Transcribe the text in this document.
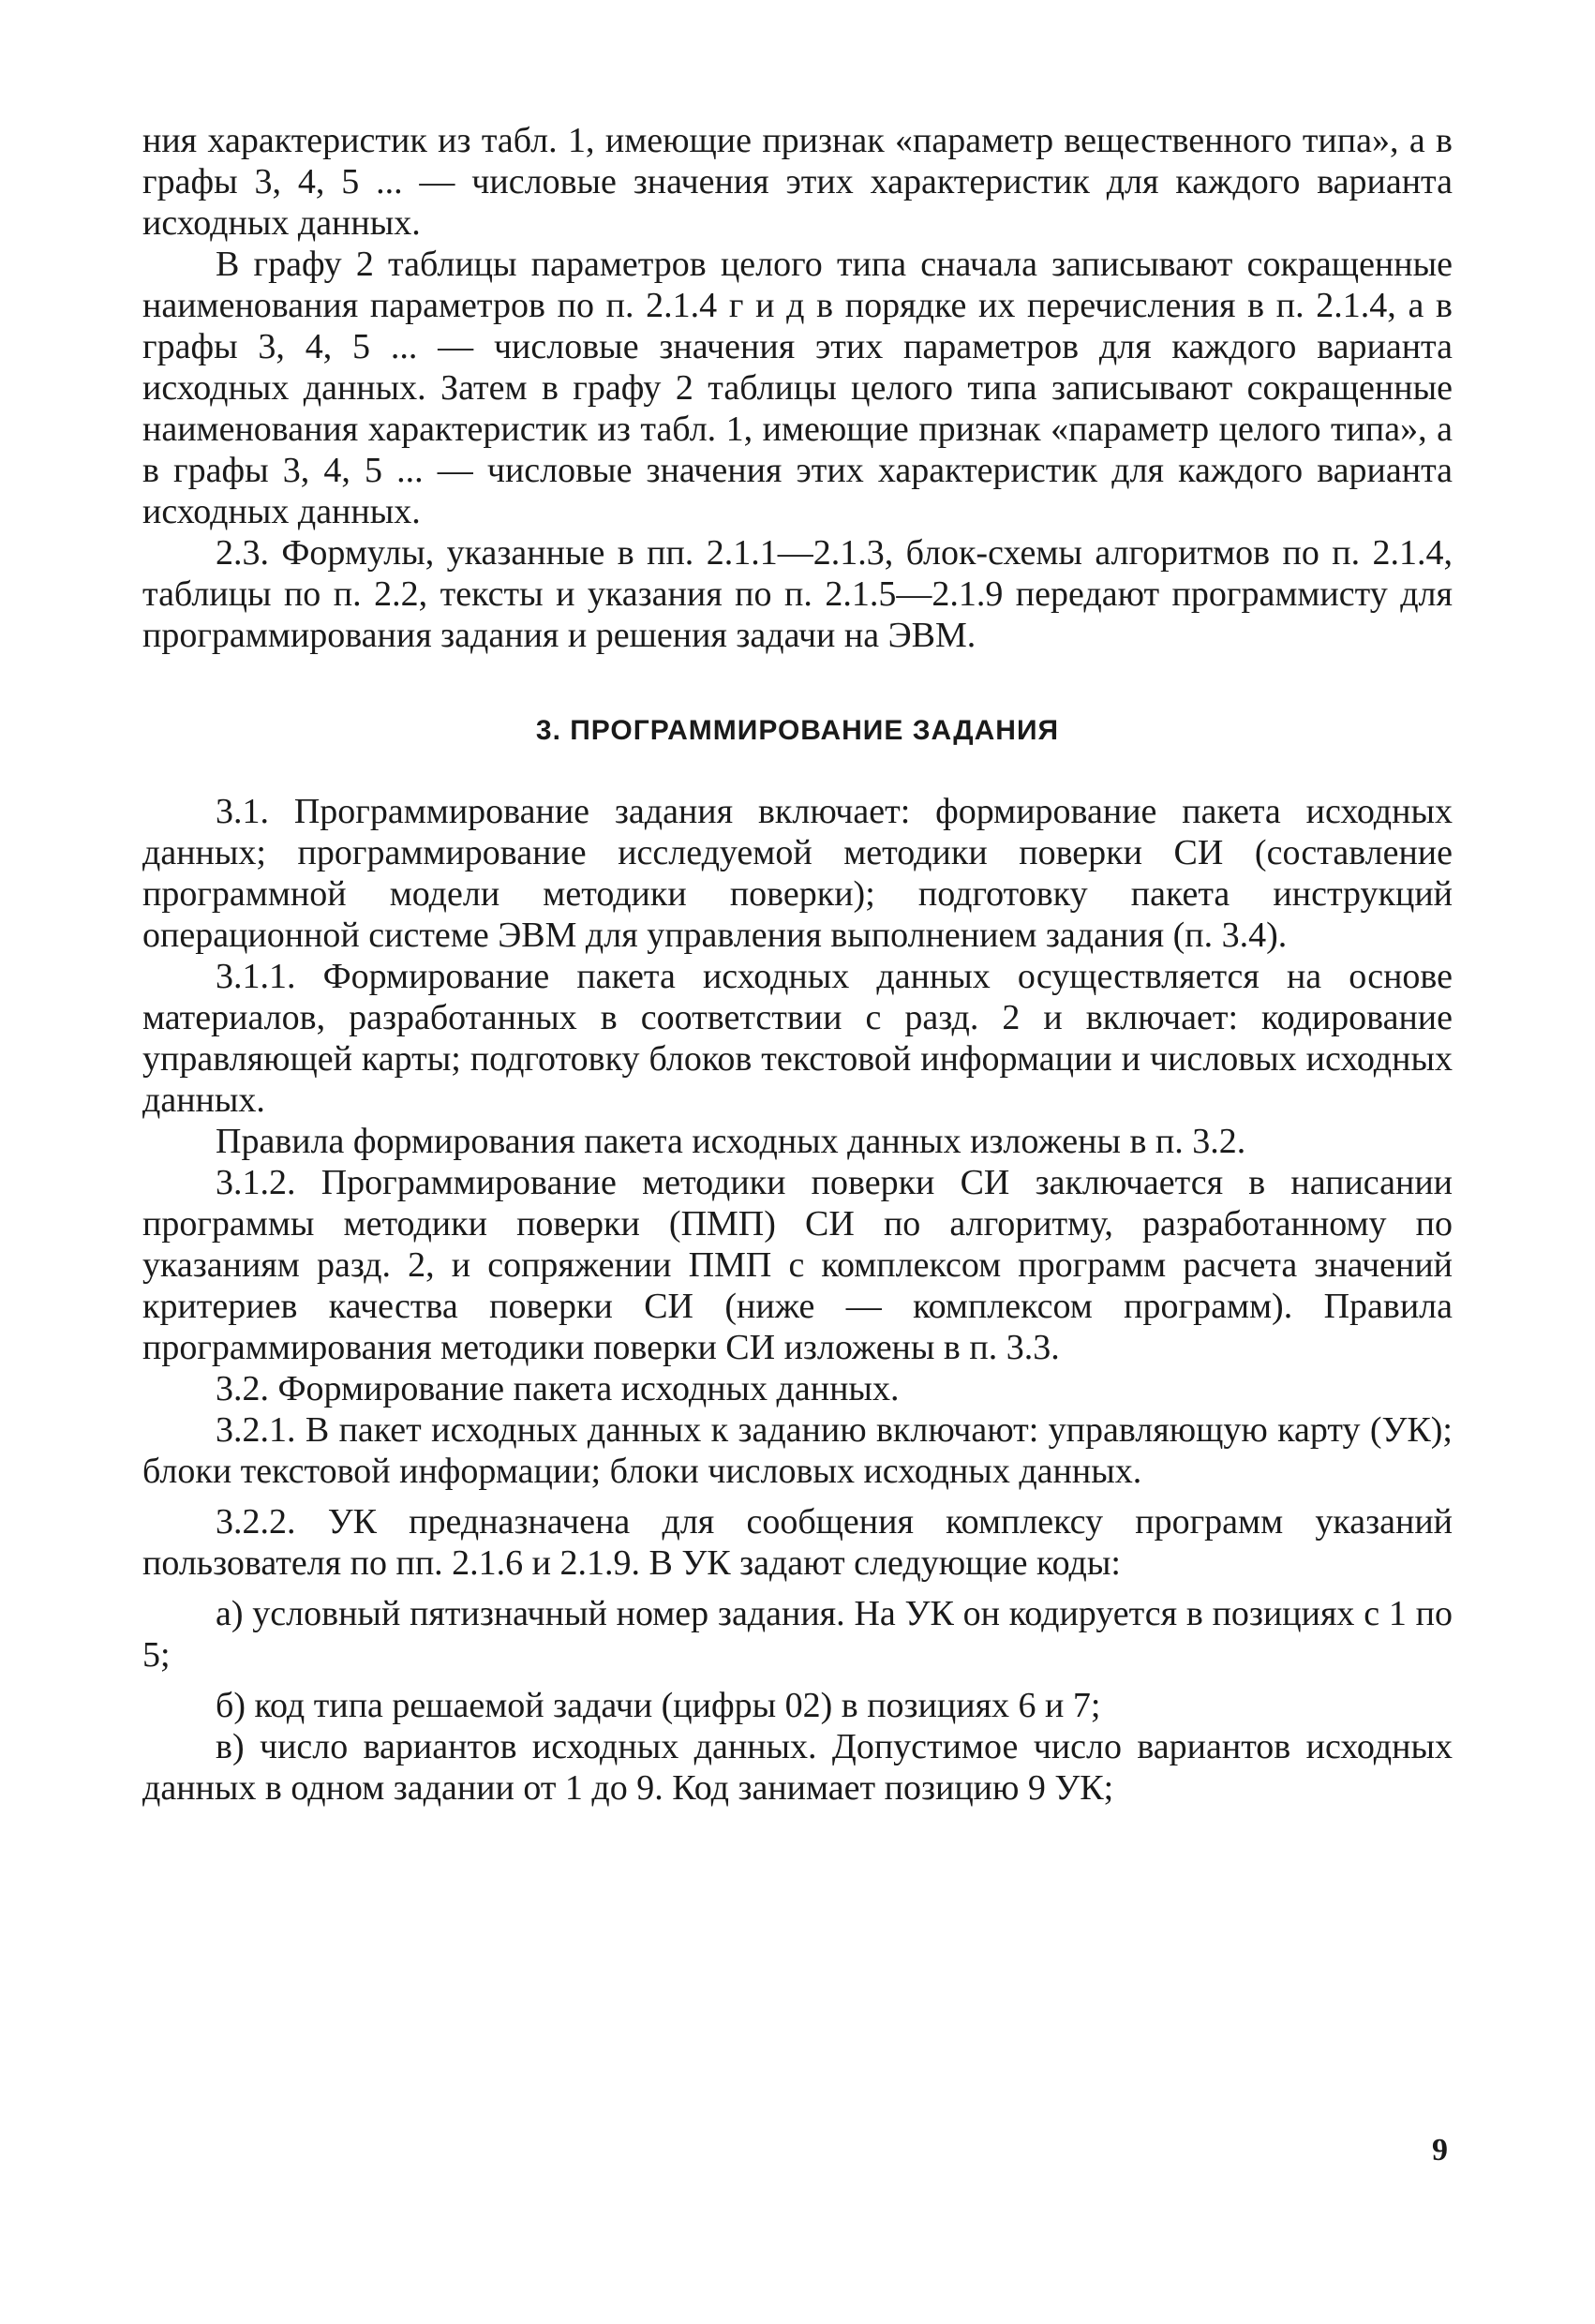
ния характеристик из табл. 1, имеющие признак «параметр вещественного типа», а в графы 3, 4, 5 ... — числовые значения этих характеристик для каждого варианта исходных данных.

В графу 2 таблицы параметров целого типа сначала записывают сокращенные наименования параметров по п. 2.1.4 г и д в порядке их перечисления в п. 2.1.4, а в графы 3, 4, 5 ... — числовые значения этих параметров для каждого варианта исходных данных. Затем в графу 2 таблицы целого типа записывают сокращенные наименования характеристик из табл. 1, имеющие признак «параметр целого типа», а в графы 3, 4, 5 ... — числовые значения этих характеристик для каждого варианта исходных данных.

2.3. Формулы, указанные в пп. 2.1.1—2.1.3, блок-схемы алгоритмов по п. 2.1.4, таблицы по п. 2.2, тексты и указания по п. 2.1.5—2.1.9 передают программисту для программирования задания и решения задачи на ЭВМ.

3. ПРОГРАММИРОВАНИЕ ЗАДАНИЯ

3.1. Программирование задания включает: формирование пакета исходных данных; программирование исследуемой методики поверки СИ (составление программной модели методики поверки); подготовку пакета инструкций операционной системе ЭВМ для управления выполнением задания (п. 3.4).

3.1.1. Формирование пакета исходных данных осуществляется на основе материалов, разработанных в соответствии с разд. 2 и включает: кодирование управляющей карты; подготовку блоков текстовой информации и числовых исходных данных.

Правила формирования пакета исходных данных изложены в п. 3.2.

3.1.2. Программирование методики поверки СИ заключается в написании программы методики поверки (ПМП) СИ по алгоритму, разработанному по указаниям разд. 2, и сопряжении ПМП с комплексом программ расчета значений критериев качества поверки СИ (ниже — комплексом программ). Правила программирования методики поверки СИ изложены в п. 3.3.

3.2. Формирование пакета исходных данных.

3.2.1. В пакет исходных данных к заданию включают: управляющую карту (УК); блоки текстовой информации; блоки числовых исходных данных.

3.2.2. УК предназначена для сообщения комплексу программ указаний пользователя по пп. 2.1.6 и 2.1.9. В УК задают следующие коды:

а) условный пятизначный номер задания. На УК он кодируется в позициях с 1 по 5;

б) код типа решаемой задачи (цифры 02) в позициях 6 и 7;

в) число вариантов исходных данных. Допустимое число вариантов исходных данных в одном задании от 1 до 9. Код занимает позицию 9 УК;

9
